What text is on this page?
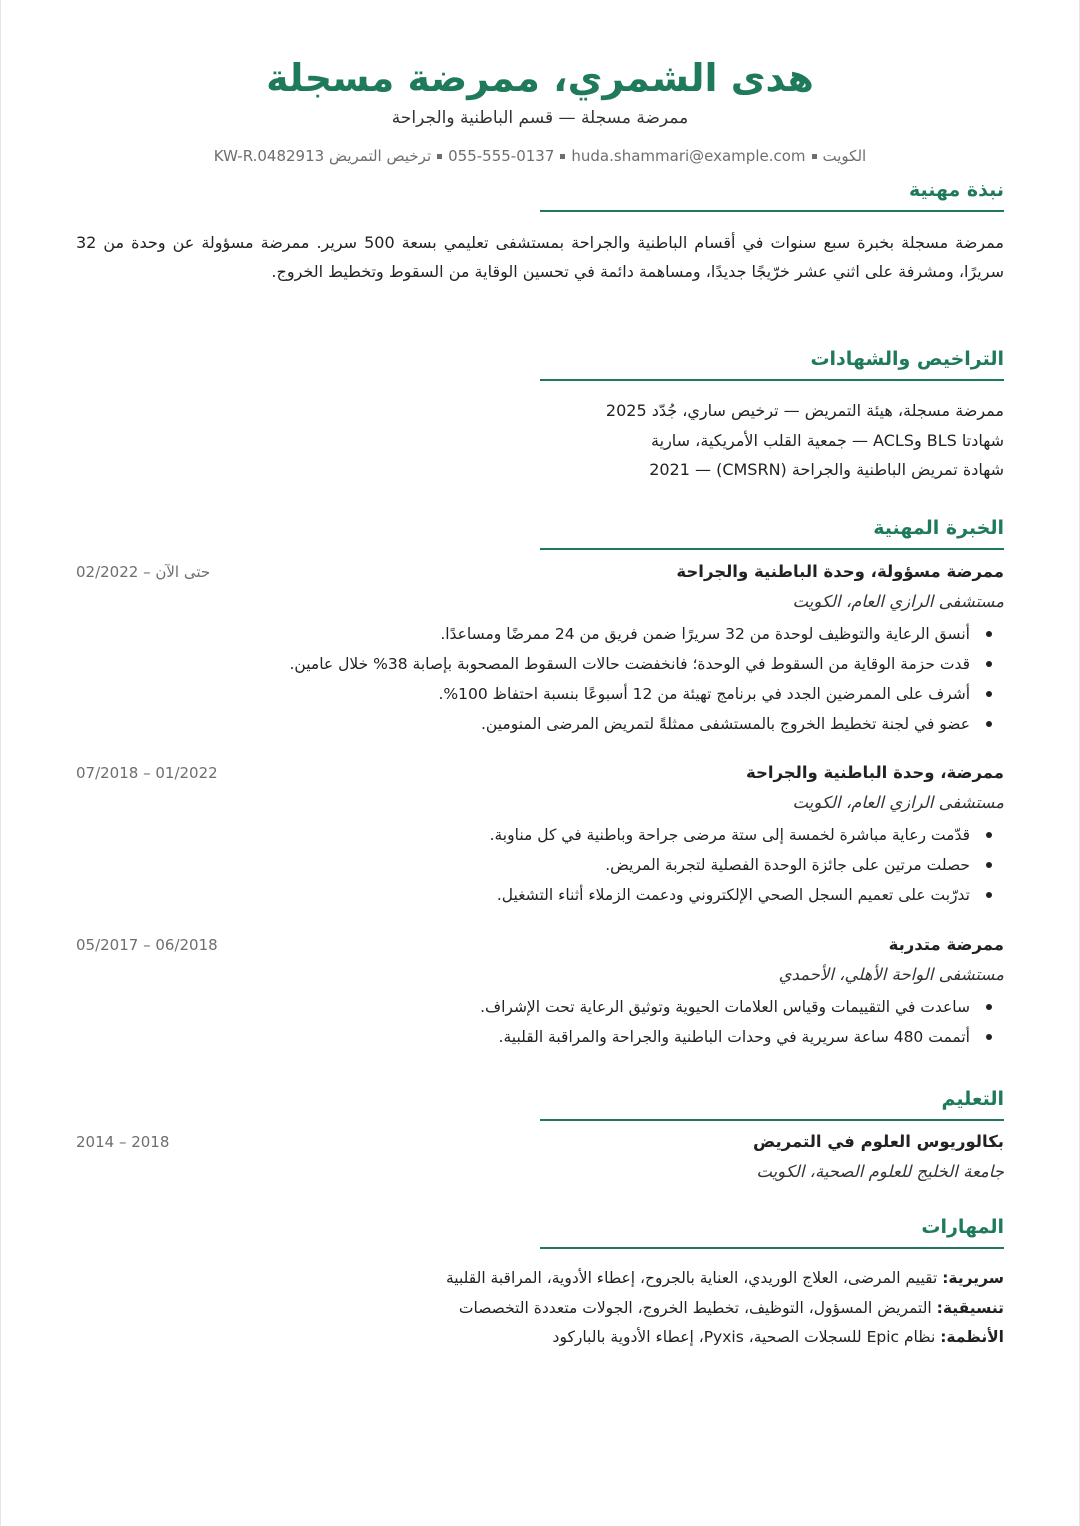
هدى الشمري، ممرضة مسجلة
ممرضة مسجلة — قسم الباطنية والجراحة
الكويتhuda.shammari@example.com055-555-0137ترخيص التمريض KW-R.0482913
نبذة مهنية
ممرضة مسجلة بخبرة سبع سنوات في أقسام الباطنية والجراحة بمستشفى تعليمي بسعة 500 سرير. ممرضة مسؤولة عن وحدة من 32 سريرًا، ومشرفة على اثني عشر خرّيجًا جديدًا، ومساهمة دائمة في تحسين الوقاية من السقوط وتخطيط الخروج.
التراخيص والشهادات
ممرضة مسجلة، هيئة التمريض — ترخيص ساري، جُدّد 2025
شهادتا BLS وACLS — جمعية القلب الأمريكية، سارية
شهادة تمريض الباطنية والجراحة (CMSRN) — 2021
الخبرة المهنية
ممرضة مسؤولة، وحدة الباطنية والجراحة
02/2022 – حتى الآن
مستشفى الرازي العام، الكويت
أنسق الرعاية والتوظيف لوحدة من 32 سريرًا ضمن فريق من 24 ممرضًا ومساعدًا.
قدت حزمة الوقاية من السقوط في الوحدة؛ فانخفضت حالات السقوط المصحوبة بإصابة 38% خلال عامين.
أشرف على الممرضين الجدد في برنامج تهيئة من 12 أسبوعًا بنسبة احتفاظ 100%.
عضو في لجنة تخطيط الخروج بالمستشفى ممثلةً لتمريض المرضى المنومين.
ممرضة، وحدة الباطنية والجراحة
07/2018 – 01/2022
مستشفى الرازي العام، الكويت
قدّمت رعاية مباشرة لخمسة إلى ستة مرضى جراحة وباطنية في كل مناوبة.
حصلت مرتين على جائزة الوحدة الفصلية لتجربة المريض.
تدرّبت على تعميم السجل الصحي الإلكتروني ودعمت الزملاء أثناء التشغيل.
ممرضة متدربة
05/2017 – 06/2018
مستشفى الواحة الأهلي، الأحمدي
ساعدت في التقييمات وقياس العلامات الحيوية وتوثيق الرعاية تحت الإشراف.
أتممت 480 ساعة سريرية في وحدات الباطنية والجراحة والمراقبة القلبية.
التعليم
بكالوريوس العلوم في التمريض
2014 – 2018
جامعة الخليج للعلوم الصحية، الكويت
المهارات
سريرية: تقييم المرضى، العلاج الوريدي، العناية بالجروح، إعطاء الأدوية، المراقبة القلبية
تنسيقية: التمريض المسؤول، التوظيف، تخطيط الخروج، الجولات متعددة التخصصات
الأنظمة: نظام Epic للسجلات الصحية، Pyxis، إعطاء الأدوية بالباركود
